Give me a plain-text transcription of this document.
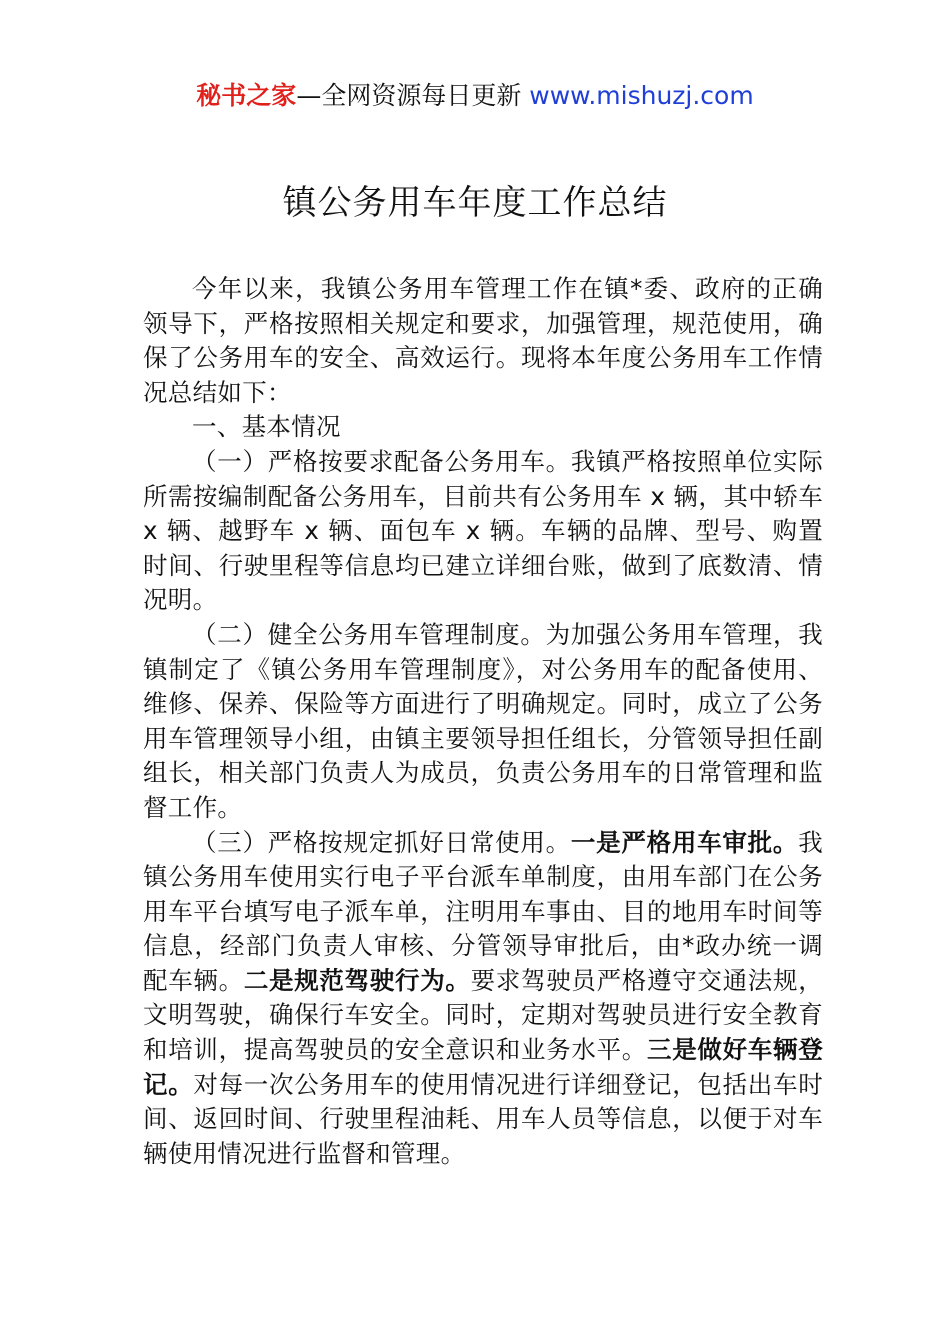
秘书之家—全网资源每日更新 www.mishuzj.com
镇公务用车年度工作总结

今年以来，我镇公务用车管理工作在镇*委、政府的正确领导下，严格按照相关规定和要求，加强管理，规范使用，确保了公务用车的安全、高效运行。现将本年度公务用车工作情况总结如下：

一、基本情况

（一）严格按要求配备公务用车。我镇严格按照单位实际所需按编制配备公务用车，目前共有公务用车 x 辆，其中轿车 x 辆、越野车 x 辆、面包车 x 辆。车辆的品牌、型号、购置时间、行驶里程等信息均已建立详细台账，做到了底数清、情况明。

（二）健全公务用车管理制度。为加强公务用车管理，我镇制定了《镇公务用车管理制度》，对公务用车的配备使用、维修、保养、保险等方面进行了明确规定。同时，成立了公务用车管理领导小组，由镇主要领导担任组长，分管领导担任副组长，相关部门负责人为成员，负责公务用车的日常管理和监督工作。

（三）严格按规定抓好日常使用。一是严格用车审批。我镇公务用车使用实行电子平台派车单制度，由用车部门在公务用车平台填写电子派车单，注明用车事由、目的地用车时间等信息，经部门负责人审核、分管领导审批后，由*政办统一调配车辆。二是规范驾驶行为。要求驾驶员严格遵守交通法规，文明驾驶，确保行车安全。同时，定期对驾驶员进行安全教育和培训，提高驾驶员的安全意识和业务水平。三是做好车辆登记。对每一次公务用车的使用情况进行详细登记，包括出车时间、返回时间、行驶里程油耗、用车人员等信息，以便于对车辆使用情况进行监督和管理。
